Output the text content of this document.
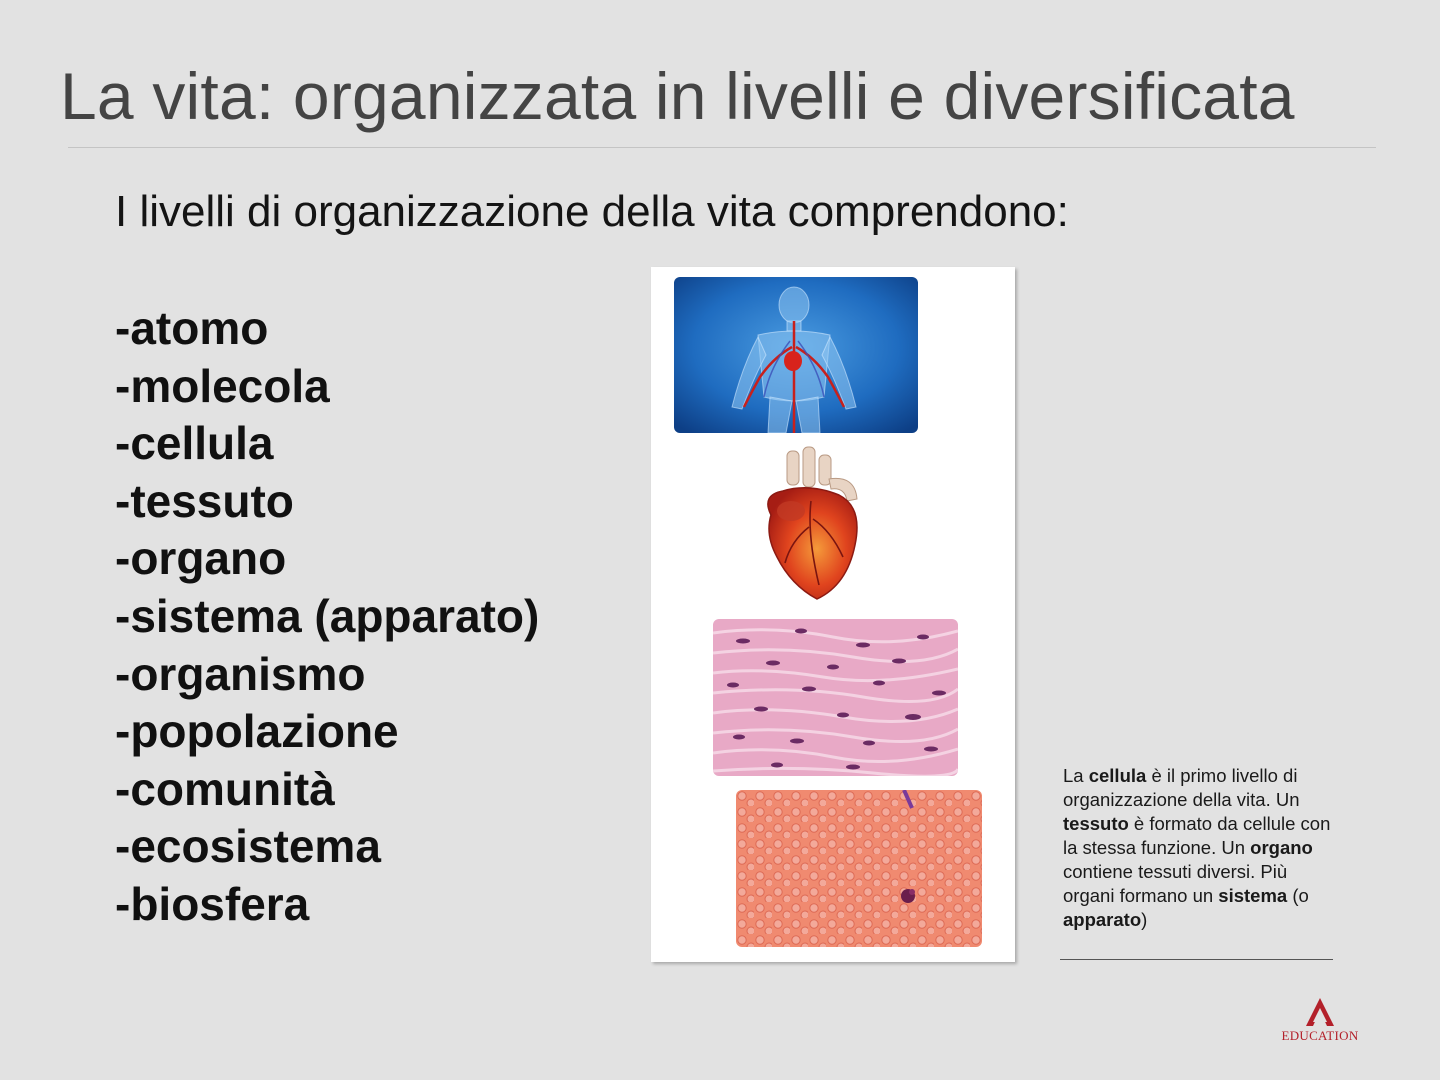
La vita: organizzata in livelli e diversificata
I livelli di organizzazione della vita comprendono:
-atomo
-molecola
-cellula
-tessuto
-organo
-sistema (apparato)
-organismo
-popolazione
-comunità
-ecosistema
-biosfera
La cellula è il primo livello di organizzazione della vita. Un tessuto è formato da cellule con la stessa funzione. Un organo contiene tessuti diversi. Più organi formano un sistema (o apparato)
EDUCATION
